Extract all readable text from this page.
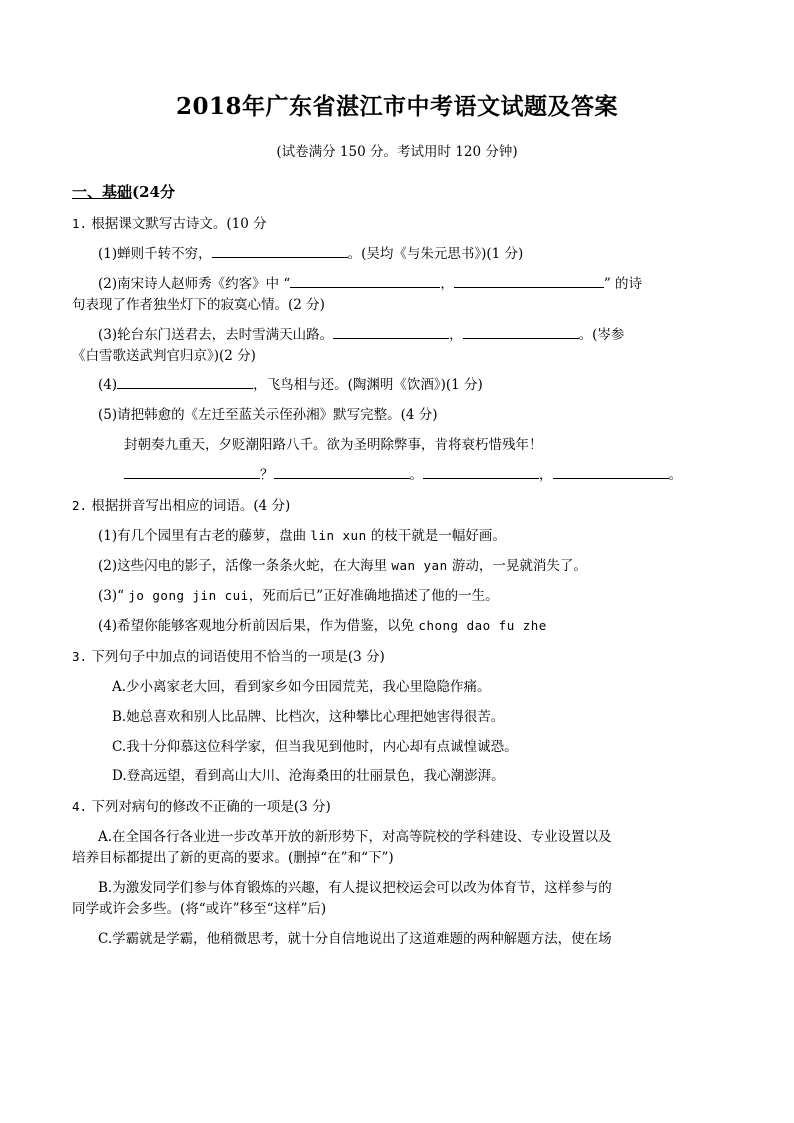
2018年广东省湛江市中考语文试题及答案

(试卷满分 150 分。考试用时 120 分钟)

一、基础(24分

1. 根据课文默写古诗文。(10 分

(1)蝉则千转不穷，	。(吴均《与朱元思书》)(1 分)

(2)南宋诗人赵师秀《约客》中 “	，	” 的诗

句表现了作者独坐灯下的寂寞心情。(2 分)

(3)轮台东门送君去，去时雪满天山路。	，	。(岑参

《白雪歌送武判官归京》)(2 分)

(4)	，飞鸟相与还。(陶渊明《饮酒》)(1 分)

(5)请把韩愈的《左迁至蓝关示侄孙湘》默写完整。(4 分)

封朝奏九重天，夕贬潮阳路八千。欲为圣明除弊事，肯将衰朽惜残年！

？	。	，	。

2. 根据拼音写出相应的词语。(4 分)

(1)有几个园里有古老的藤萝，盘曲 lin xun 的枝干就是一幅好画。

(2)这些闪电的影子，活像一条条火蛇，在大海里 wan yan 游动，一晃就消失了。

(3)“ jo gong jin cui，死而后已”正好准确地描述了他的一生。

(4)希望你能够客观地分析前因后果，作为借鉴，以免 chong dao fu zhe

3. 下列句子中加点的词语使用不恰当的一项是(3 分)

A.少小离家老大回，看到家乡如今田园荒芜，我心里隐隐作痛。

B.她总喜欢和别人比品牌、比档次，这种攀比心理把她害得很苦。

C.我十分仰慕这位科学家，但当我见到他时，内心却有点诚惶诚恐。

D.登高远望，看到高山大川、沧海桑田的壮丽景色，我心潮澎湃。

4. 下列对病句的修改不正确的一项是(3 分)

A.在全国各行各业进一步改革开放的新形势下，对高等院校的学科建设、专业设置以及

培养目标都提出了新的更高的要求。(删掉“在”和“下”)

B.为激发同学们参与体育锻炼的兴趣，有人提议把校运会可以改为体育节，这样参与的

同学或许会多些。(将“或许”移至“这样”后)

C.学霸就是学霸，他稍微思考，就十分自信地说出了这道难题的两种解题方法，使在场
